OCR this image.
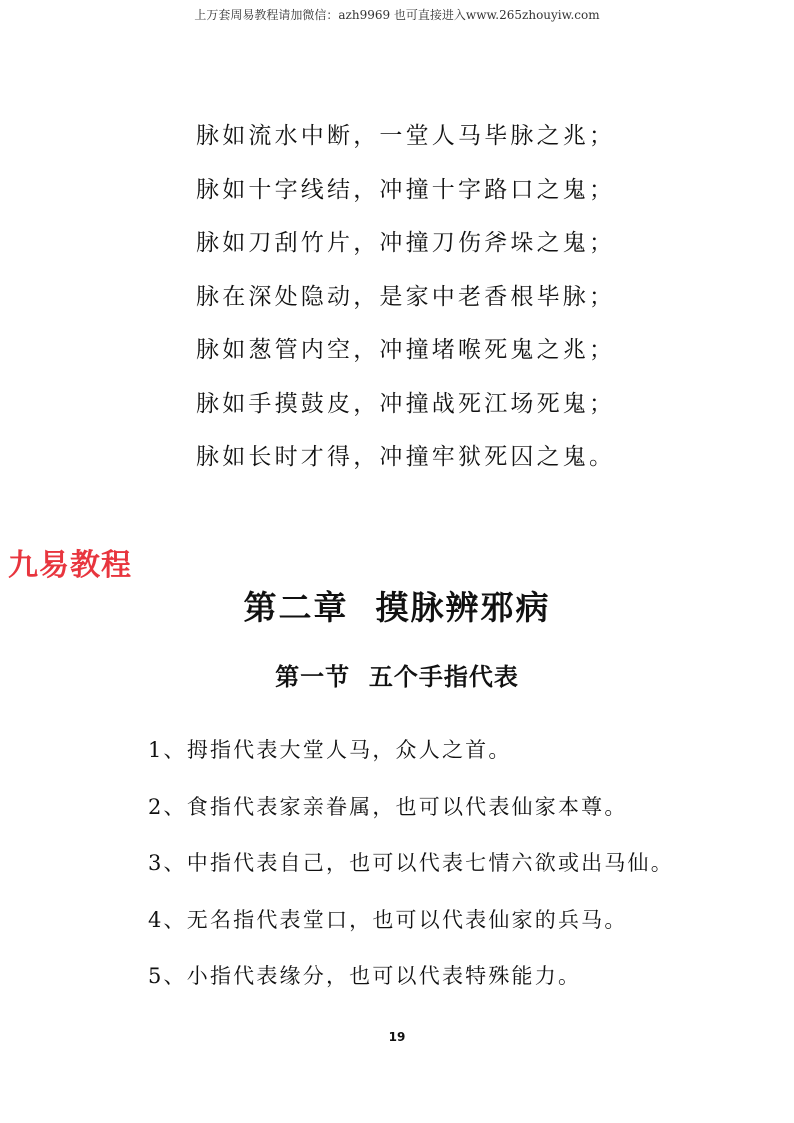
上万套周易教程请加微信：azh9969 也可直接进入www.265zhouyiw.com
脉如流水中断，一堂人马毕脉之兆；
脉如十字线结，冲撞十字路口之鬼；
脉如刀刮竹片，冲撞刀伤斧垛之鬼；
脉在深处隐动，是家中老香根毕脉；
脉如葱管内空，冲撞堵喉死鬼之兆；
脉如手摸鼓皮，冲撞战死江场死鬼；
脉如长时才得，冲撞牢狱死囚之鬼。
九易教程
第二章  摸脉辨邪病
第一节  五个手指代表
1、拇指代表大堂人马，众人之首。
2、食指代表家亲眷属，也可以代表仙家本尊。
3、中指代表自己，也可以代表七情六欲或出马仙。
4、无名指代表堂口，也可以代表仙家的兵马。
5、小指代表缘分，也可以代表特殊能力。
19
